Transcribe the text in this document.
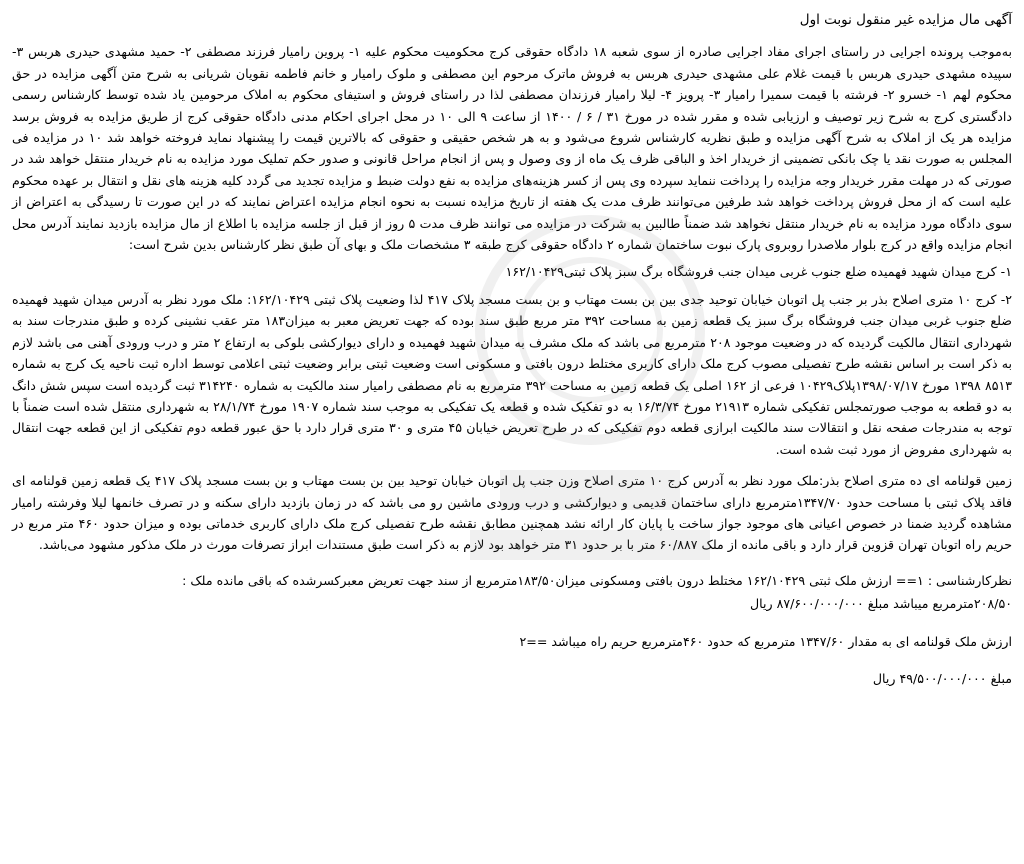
آگهی مال مزایده غیر منقول نوبت اول

به‌موجب پرونده اجرایی در راستای اجرای مفاد اجرایی صادره از سوی شعبه ۱۸ دادگاه حقوقی کرج محکومیت محکوم علیه ۱- پروین رامیار فرزند مصطفی ۲- حمید مشهدی حیدری هربس ۳- سپیده مشهدی حیدری هربس با قیمت غلام علی مشهدی حیدری هربس به فروش ماترک مرحوم این مصطفی و ملوک رامیار و خانم فاطمه نقویان شریانی به شرح متن آگهی مزایده در حق محکوم لهم ۱- خسرو ۲- فرشته با قیمت سمیرا رامیار ۳- پرویز ۴- لیلا رامیار فرزندان مصطفی لذا در راستای فروش و استیفای محکوم به املاک مرحومین یاد شده توسط کارشناس رسمی دادگستری کرج به شرح زیر توصیف و ارزیابی شده و مقرر شده در مورخ ۳۱ / ۶ / ۱۴۰۰ از ساعت ۹ الی ۱۰ در محل اجرای احکام مدنی دادگاه حقوقی کرج از طریق مزایده به فروش برسد مزایده هر یک از املاک به شرح آگهی مزایده و طبق نظریه کارشناس شروع می‌شود و به هر شخص حقیقی و حقوقی که بالاترین قیمت را پیشنهاد نماید فروخته خواهد شد ۱۰ در مزایده فی المجلس به صورت نقد یا چک بانکی تضمینی از خریدار اخذ و الباقی ظرف یک ماه از وی وصول و پس از انجام مراحل قانونی و صدور حکم تملیک مورد مزایده به نام خریدار منتقل خواهد شد در صورتی که در مهلت مقرر خریدار وجه مزایده را پرداخت ننماید سپرده وی پس از کسر هزینه‌های مزایده به نفع دولت ضبط و مزایده تجدید می گردد کلیه هزینه های نقل و انتقال بر عهده محکوم علیه است که از محل فروش پرداخت خواهد شد طرفین می‌توانند ظرف مدت یک هفته از تاریخ مزایده نسبت به نحوه انجام مزایده اعتراض نمایند که در این صورت تا رسیدگی به اعتراض از سوی دادگاه مورد مزایده به نام خریدار منتقل نخواهد شد ضمناً طالبین به شرکت در مزایده می توانند ظرف مدت ۵ روز از قبل از جلسه مزایده با اطلاع از مال مزایده بازدید نمایند آدرس محل انجام مزایده واقع در کرج بلوار ملاصدرا روبروی پارک نبوت ساختمان شماره ۲ دادگاه حقوقی کرج طبقه ۳ مشخصات ملک و بهای آن طبق نظر کارشناس بدین شرح است:

۱- کرج میدان شهید فهمیده ضلع جنوب غربی میدان جنب فروشگاه برگ سبز پلاک ثبتی۱۶۲/۱۰۴۲۹

۲- کرج ۱۰ متری اصلاح بذر بر جنب پل اتوبان خیابان توحید جدی بین بن بست مهتاب و بن بست مسجد پلاک ۴۱۷ لذا وضعیت پلاک ثبتی ۱۶۲/۱۰۴۲۹: ملک مورد نظر به آدرس میدان شهید فهمیده ضلع جنوب غربی میدان جنب فروشگاه برگ سبز یک قطعه زمین به مساحت ۳۹۲ متر مربع طبق سند بوده که جهت تعریض معبر به میزان۱۸۳ متر عقب نشینی کرده و طبق مندرجات سند به شهرداری انتقال مالکیت گردیده که در وضعیت موجود ۲۰۸ مترمربع می باشد که ملک مشرف به میدان شهید فهمیده و دارای دیوارکشی بلوکی به ارتفاع ۲ متر و درب ورودی آهنی می باشد لازم به ذکر است بر اساس نقشه طرح تفصیلی مصوب کرج ملک دارای کاربری مختلط درون بافتی و مسکونی است وضعیت ثبتی برابر وضعیت ثبتی اعلامی توسط اداره ثبت ناحیه یک کرج به شماره ۸۵۱۳ ۱۳۹۸ مورخ ۱۳۹۸/۰۷/۱۷پلاک۱۰۴۲۹ فرعی از ۱۶۲ اصلی یک قطعه زمین به مساحت ۳۹۲ مترمربع به نام مصطفی رامیار سند مالکیت به شماره ۳۱۴۲۴۰ ثبت گردیده است سپس شش دانگ به دو قطعه به موجب صورتمجلس تفکیکی شماره ۲۱۹۱۳ مورخ ۱۶/۳/۷۴ به دو تفکیک شده و قطعه یک تفکیکی به موجب سند شماره ۱۹۰۷ مورخ ۲۸/۱/۷۴ به شهرداری منتقل شده است ضمناً با توجه به مندرجات صفحه نقل و انتقالات سند مالکیت ابرازی قطعه دوم تفکیکی که در طرح تعریض خیابان ۴۵ متری و ۳۰ متری قرار دارد با حق عبور قطعه دوم تفکیکی از این قطعه جهت انتقال به شهرداری مفروض از مورد ثبت شده است.

زمین قولنامه ای ده متری اصلاح بذر:ملک مورد نظر به آدرس کرج ۱۰ متری اصلاح وزن جنب پل اتوبان خیابان توحید بین بن بست مهتاب و بن بست مسجد پلاک ۴۱۷ یک قطعه زمین قولنامه ای فاقد پلاک ثبتی با مساحت حدود ۱۳۴۷/۷۰مترمربع دارای ساختمان قدیمی و دیوارکشی و درب ورودی ماشین رو می باشد که در زمان بازدید دارای سکنه و در تصرف خانمها لیلا وفرشته رامیار مشاهده گردید ضمنا در خصوص اعیانی های موجود جواز ساخت یا پایان کار ارائه نشد همچنین مطابق نقشه طرح تفصیلی کرج ملک دارای کاربری خدماتی بوده و میزان حدود ۴۶۰ متر مربع در حریم راه اتوبان تهران قزوین قرار دارد و باقی مانده از ملک ۶۰/۸۸۷ متر با بر حدود ۳۱ متر خواهد بود لازم به ذکر است طبق مستندات ابراز تصرفات مورث در ملک مذکور مشهود می‌باشد.

نظرکارشناسی : ۱== ارزش ملک ثبتی ۱۶۲/۱۰۴۲۹ مختلط درون بافتی ومسکونی میزان۱۸۳/۵۰مترمربع از سند جهت تعریض معبرکسرشده که باقی مانده ملک :
۲۰۸/۵۰مترمربع میباشد مبلغ ۸۷/۶۰۰/۰۰۰/۰۰۰ ریال
ارزش ملک قولنامه ای به مقدار ۱۳۴۷/۶۰ مترمربع که حدود ۴۶۰مترمربع حریم راه میباشد ==۲
مبلغ ۴۹/۵۰۰/۰۰۰/۰۰۰ ریال
